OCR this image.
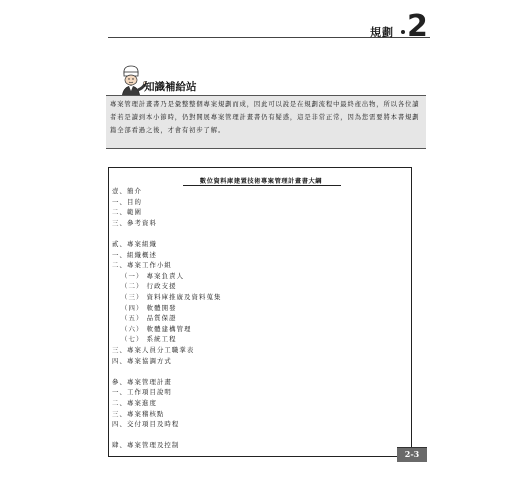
規劃 2
知識補給站
專案管理計畫書乃是彙整整個專案規劃而成，因此可以說是在規劃流程中最終產出物，所以各位讀者若是讀到本小節時，仍對開展專案管理計畫書仍有疑惑，這是非常正常，因為您需要將本書規劃篇全部看過之後，才會有初步了解。
數位資料庫建置技術專案管理計畫書大綱
壹、簡介
一、目的
二、範圍
三、參考資料
貳、專案組織
一、組織概述
二、專案工作小組
（一） 專案負責人
（二） 行政支援
（三） 資料庫推廣及資料蒐集
（四） 軟體開發
（五） 品質保證
（六） 軟體建構管理
（七） 系統工程
三、專案人員分工職掌表
四、專案協調方式
參、專案管理計畫
一、工作項目說明
二、專案進度
三、專案稽核點
四、交付項目及時程
肆、專案管理及控制
2-3
